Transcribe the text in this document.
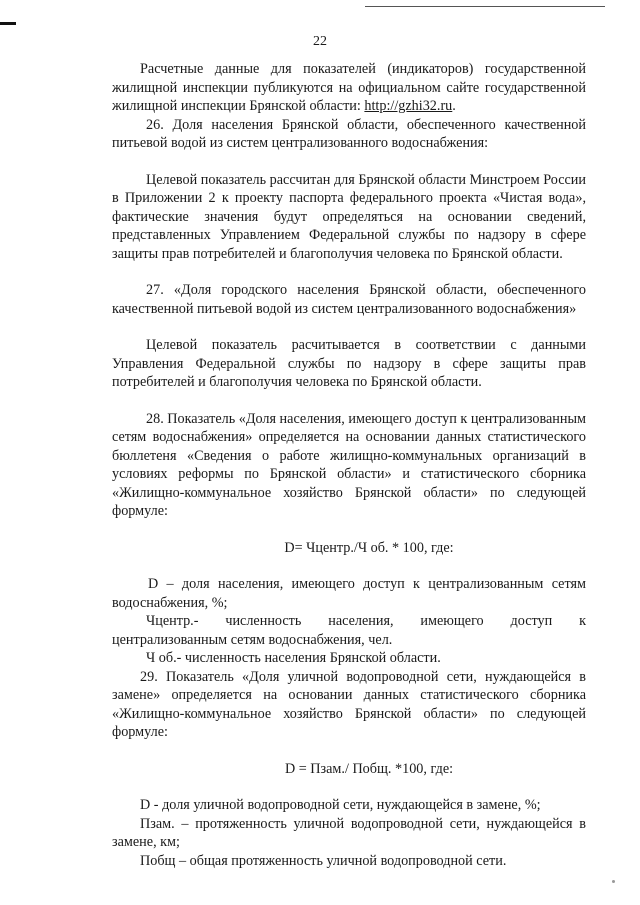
22

Расчетные данные для показателей (индикаторов) государственной жилищной инспекции публикуются на официальном сайте государственной жилищной инспекции Брянской области: http://gzhi32.ru.

26. Доля населения Брянской области, обеспеченного качественной питьевой водой из систем централизованного водоснабжения:

Целевой показатель рассчитан для Брянской области Минстроем России в Приложении 2 к проекту паспорта федерального проекта «Чистая вода», фактические значения будут определяться на основании сведений, представленных Управлением Федеральной службы по надзору в сфере защиты прав потребителей и благополучия человека по Брянской области.

27. «Доля городского населения Брянской области, обеспеченного качественной питьевой водой из систем централизованного водоснабжения»

Целевой показатель расчитывается в соответствии с данными Управления Федеральной службы по надзору в сфере защиты прав потребителей и благополучия человека по Брянской области.

28. Показатель «Доля населения, имеющего доступ к централизованным сетям водоснабжения» определяется на основании данных статистического бюллетеня «Сведения о работе жилищно-коммунальных организаций в условиях реформы по Брянской области» и статистического сборника «Жилищно-коммунальное хозяйство Брянской области» по следующей формуле:

D= Чцентр./Ч об. * 100, где:

D – доля населения, имеющего доступ к централизованным сетям водоснабжения, %;

Чцентр.- численность населения, имеющего доступ к централизованным сетям водоснабжения, чел.

Ч об.- численность населения Брянской области.

29. Показатель «Доля уличной водопроводной сети, нуждающейся в замене» определяется на основании данных статистического сборника «Жилищно-коммунальное хозяйство Брянской области» по следующей формуле:

D = Пзам./ Побщ. *100, где:

D - доля уличной водопроводной сети, нуждающейся в замене, %;

Пзам. – протяженность уличной водопроводной сети, нуждающейся в замене, км;

Побщ – общая протяженность уличной водопроводной сети.
